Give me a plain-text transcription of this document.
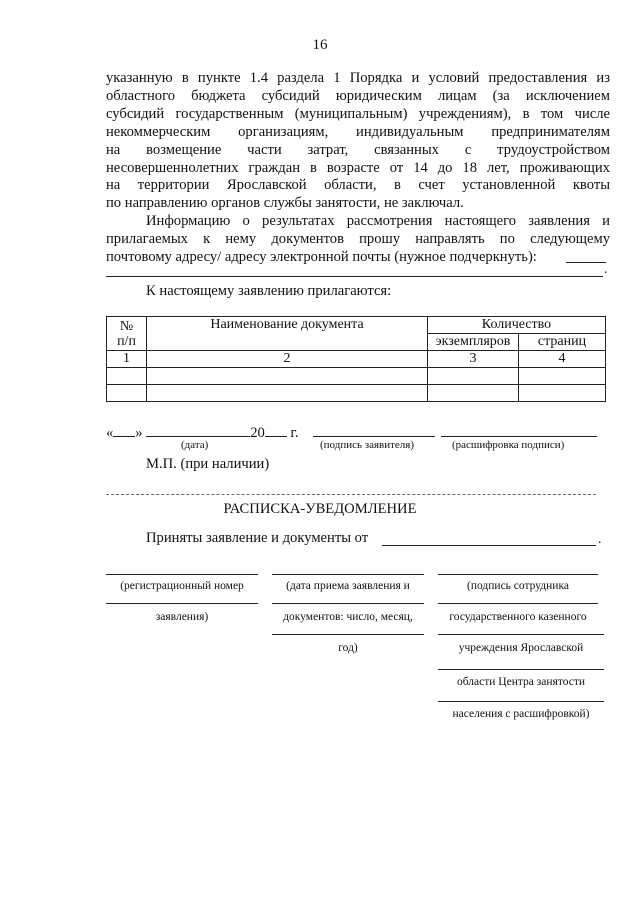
16
указанную в пункте 1.4 раздела 1 Порядка и условий предоставления из
областного бюджета субсидий юридическим лицам (за исключением
субсидий государственным (муниципальным) учреждениям), в том числе
некоммерческим организациям, индивидуальным предпринимателям
на возмещение части затрат, связанных с трудоустройством
несовершеннолетних граждан в возрасте от 14 до 18 лет, проживающих
на территории Ярославской области, в счет установленной квоты
по направлению органов службы занятости, не заключал.
Информацию о результатах рассмотрения настоящего заявления и
прилагаемых к нему документов прошу направлять по следующему
почтовому адресу/ адресу электронной почты (нужное подчеркнуть):
.
К настоящему заявлению прилагаются:
№
п/п	Наименование документа	Количество	
		экземпляров	страниц
1	2	3	4

« »	20 г.
(дата)	(подпись заявителя)	(расшифровка подписи)
М.П. (при наличии)
РАСПИСКА-УВЕДОМЛЕНИЕ
Приняты заявление и документы от	.
(регистрационный номер
заявления)
(дата приема заявления и
документов: число, месяц,
год)
(подпись сотрудника
государственного казенного
учреждения Ярославской
области Центра занятости
населения с расшифровкой)
